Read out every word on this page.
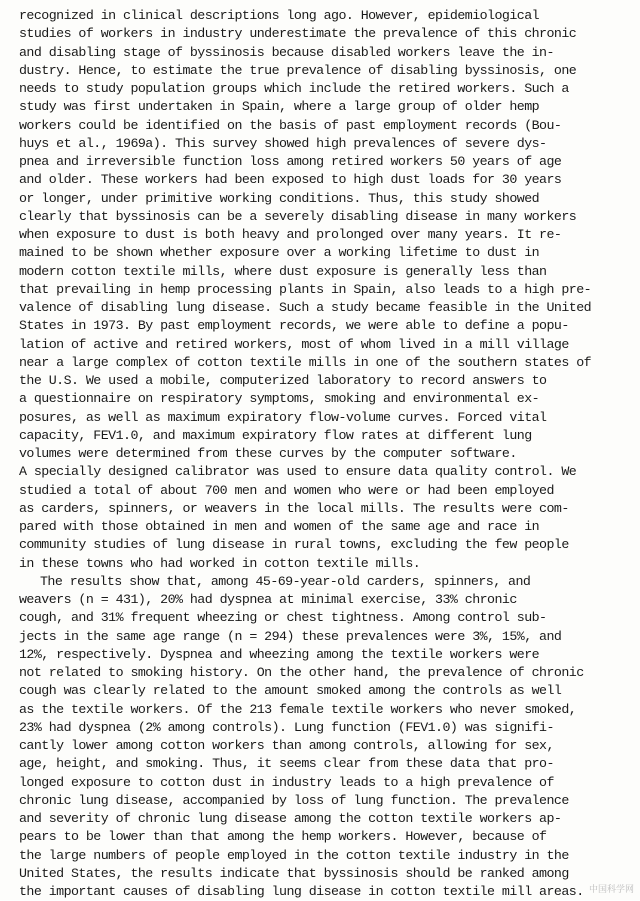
recognized in clinical descriptions long ago. However, epidemiological
studies of workers in industry underestimate the prevalence of this chronic
and disabling stage of byssinosis because disabled workers leave the in-
dustry. Hence, to estimate the true prevalence of disabling byssinosis, one
needs to study population groups which include the retired workers. Such a
study was first undertaken in Spain, where a large group of older hemp
workers could be identified on the basis of past employment records (Bou-
huys et al., 1969a). This survey showed high prevalences of severe dys-
pnea and irreversible function loss among retired workers 50 years of age
and older. These workers had been exposed to high dust loads for 30 years
or longer, under primitive working conditions. Thus, this study showed
clearly that byssinosis can be a severely disabling disease in many workers
when exposure to dust is both heavy and prolonged over many years. It re-
mained to be shown whether exposure over a working lifetime to dust in
modern cotton textile mills, where dust exposure is generally less than
that prevailing in hemp processing plants in Spain, also leads to a high pre-
valence of disabling lung disease. Such a study became feasible in the United
States in 1973. By past employment records, we were able to define a popu-
lation of active and retired workers, most of whom lived in a mill village
near a large complex of cotton textile mills in one of the southern states of
the U.S. We used a mobile, computerized laboratory to record answers to
a questionnaire on respiratory symptoms, smoking and environmental ex-
posures, as well as maximum expiratory flow-volume curves. Forced vital
capacity, FEV1.0, and maximum expiratory flow rates at different lung
volumes were determined from these curves by the computer software.
A specially designed calibrator was used to ensure data quality control. We
studied a total of about 700 men and women who were or had been employed
as carders, spinners, or weavers in the local mills. The results were com-
pared with those obtained in men and women of the same age and race in
community studies of lung disease in rural towns, excluding the few people
in these towns who had worked in cotton textile mills.
The results show that, among 45-69-year-old carders, spinners, and
weavers (n = 431), 20% had dyspnea at minimal exercise, 33% chronic
cough, and 31% frequent wheezing or chest tightness. Among control sub-
jects in the same age range (n = 294) these prevalences were 3%, 15%, and
12%, respectively. Dyspnea and wheezing among the textile workers were
not related to smoking history. On the other hand, the prevalence of chronic
cough was clearly related to the amount smoked among the controls as well
as the textile workers. Of the 213 female textile workers who never smoked,
23% had dyspnea (2% among controls). Lung function (FEV1.0) was signifi-
cantly lower among cotton workers than among controls, allowing for sex,
age, height, and smoking. Thus, it seems clear from these data that pro-
longed exposure to cotton dust in industry leads to a high prevalence of
chronic lung disease, accompanied by loss of lung function. The prevalence
and severity of chronic lung disease among the cotton textile workers ap-
pears to be lower than that among the hemp workers. However, because of
the large numbers of people employed in the cotton textile industry in the
United States, the results indicate that byssinosis should be ranked among
the important causes of disabling lung disease in cotton textile mill areas. 中国科学网
